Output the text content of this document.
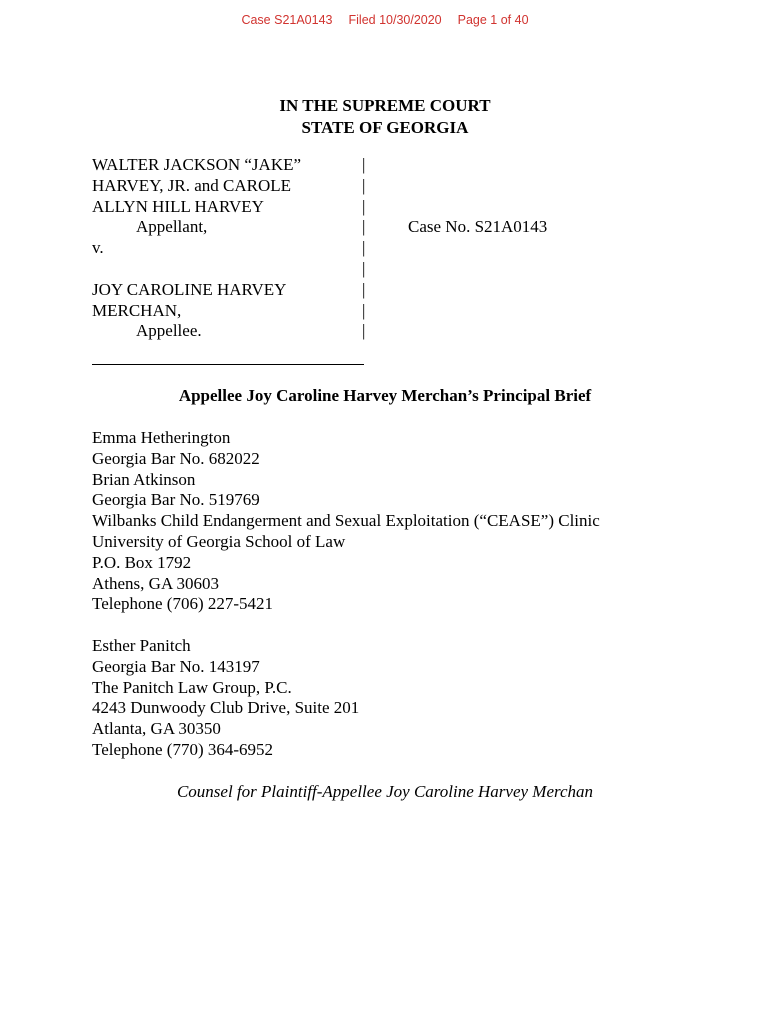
Case S21A0143 Filed 10/30/2020 Page 1 of 40
IN THE SUPREME COURT
STATE OF GEORGIA
WALTER JACKSON “JAKE”	|
HARVEY, JR. and CAROLE	|
ALLYN HILL HARVEY	|
Appellant,	|	Case No. S21A0143
v.	|
|
JOY CAROLINE HARVEY	|
MERCHAN,	|
Appellee.	|
Appellee Joy Caroline Harvey Merchan’s Principal Brief
Emma Hetherington
Georgia Bar No. 682022
Brian Atkinson
Georgia Bar No. 519769
Wilbanks Child Endangerment and Sexual Exploitation (“CEASE”) Clinic
University of Georgia School of Law
P.O. Box 1792
Athens, GA 30603
Telephone (706) 227-5421
Esther Panitch
Georgia Bar No. 143197
The Panitch Law Group, P.C.
4243 Dunwoody Club Drive, Suite 201
Atlanta, GA 30350
Telephone (770) 364-6952
Counsel for Plaintiff-Appellee Joy Caroline Harvey Merchan
